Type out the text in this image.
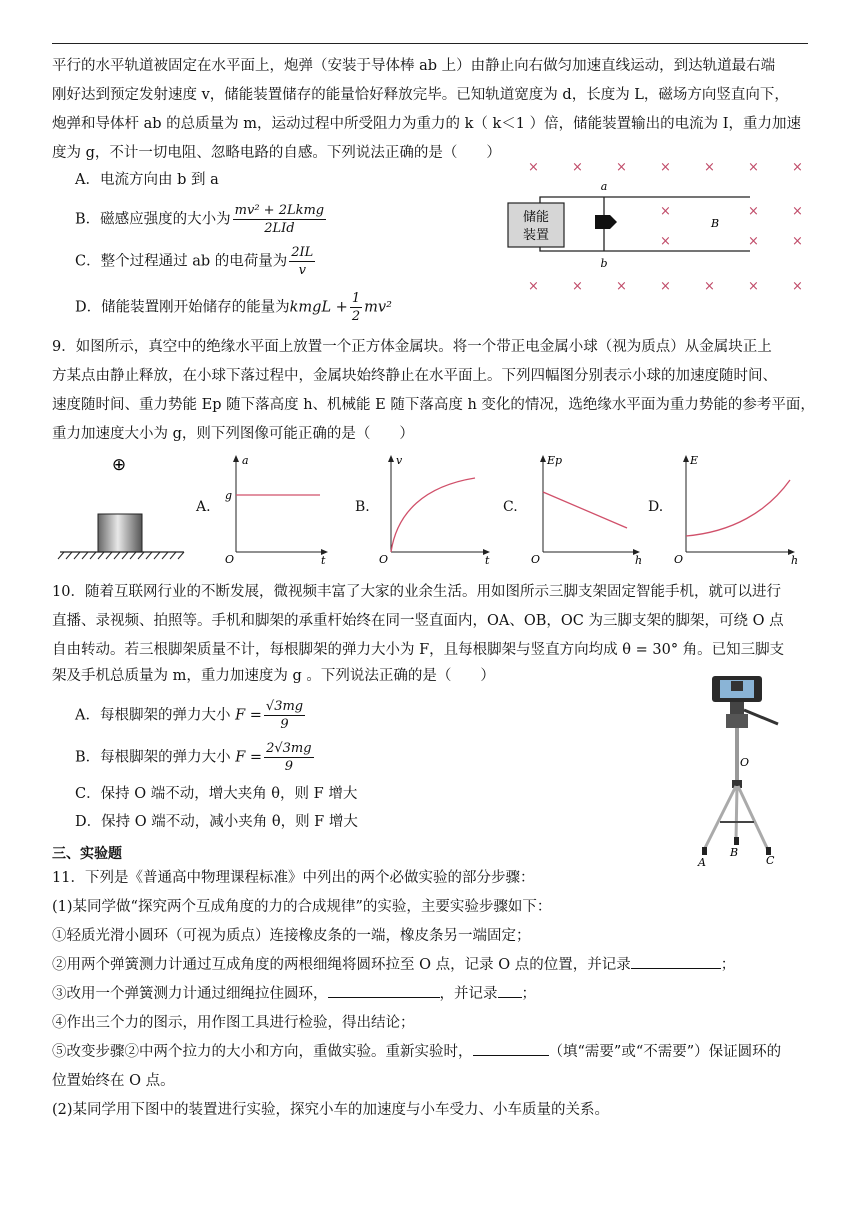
平行的水平轨道被固定在水平面上，炮弹（安装于导体棒 ab 上）由静止向右做匀加速直线运动，到达轨道最右端
刚好达到预定发射速度 v，储能装置储存的能量恰好释放完毕。已知轨道宽度为 d，长度为 L，磁场方向竖直向下，
炮弹和导体杆 ab 的总质量为 m，运动过程中所受阻力为重力的 k（ k＜1 ）倍，储能装置输出的电流为 I，重力加速
度为 g，不计一切电阻、忽略电路的自感。下列说法正确的是（　　）
A．电流方向由 b 到 a
B．磁感应强度的大小为 $\frac{\text{mv² + 2Lkmg}}{\text{2LId}}$
C．整个过程通过 ab 的电荷量为 $\frac{2IL}{v}$
D．储能装置刚开始储存的能量为kmgL + $\frac{1}{2} mv^2$
×	×	×	×	×	×	×
×	×	×
×	×	×
×	×	×	×	×	×	×
储能
装置
a
b
B
9．如图所示，真空中的绝缘水平面上放置一个正方体金属块。将一个带正电金属小球（视为质点）从金属块正上
方某点由静止释放，在小球下落过程中，金属块始终静止在水平面上。下列四幅图分别表示小球的加速度随时间、
速度随时间、重力势能 Ep 随下落高度 h、机械能 E 随下落高度 h 变化的情况，选绝缘水平面为重力势能的参考平面，
重力加速度大小为 g，则下列图像可能正确的是（　　）
⊕
A.	B.	C.	D.
a
t
g
O
v
t
O
Ep
h
O
E
h
O
10．随着互联网行业的不断发展，微视频丰富了大家的业余生活。用如图所示三脚支架固定智能手机，就可以进行
直播、录视频、拍照等。手机和脚架的承重杆始终在同一竖直面内，OA、OB，OC 为三脚支架的脚架，可绕 O 点
自由转动。若三根脚架质量不计，每根脚架的弹力大小为 F，且每根脚架与竖直方向均成 θ = 30° 角。已知三脚支
架及手机总质量为 m，重力加速度为 g 。下列说法正确的是（　　）
A．每根脚架的弹力大小 $F = \frac{√3mg}{9}$
B．每根脚架的弹力大小 $F = \frac{2√3mg}{9}$
C．保持 O 端不动，增大夹角 θ，则 F 增大
D．保持 O 端不动，减小夹角 θ，则 F 增大
O
A
B
C
三、实验题
11．下列是《普通高中物理课程标准》中列出的两个必做实验的部分步骤：
(1)某同学做“探究两个互成角度的力的合成规律”的实验，主要实验步骤如下：
①轻质光滑小圆环（可视为质点）连接橡皮条的一端，橡皮条另一端固定；
②用两个弹簧测力计通过互成角度的两根细绳将圆环拉至 O 点，记录 O 点的位置，并记录	；
③改用一个弹簧测力计通过细绳拉住圆环，	，并记录 ；
④作出三个力的图示，用作图工具进行检验，得出结论；
⑤改变步骤②中两个拉力的大小和方向，重做实验。重新实验时，	（填“需要”或“不需要”）保证圆环的
位置始终在 O 点。
(2)某同学用下图中的装置进行实验，探究小车的加速度与小车受力、小车质量的关系。
